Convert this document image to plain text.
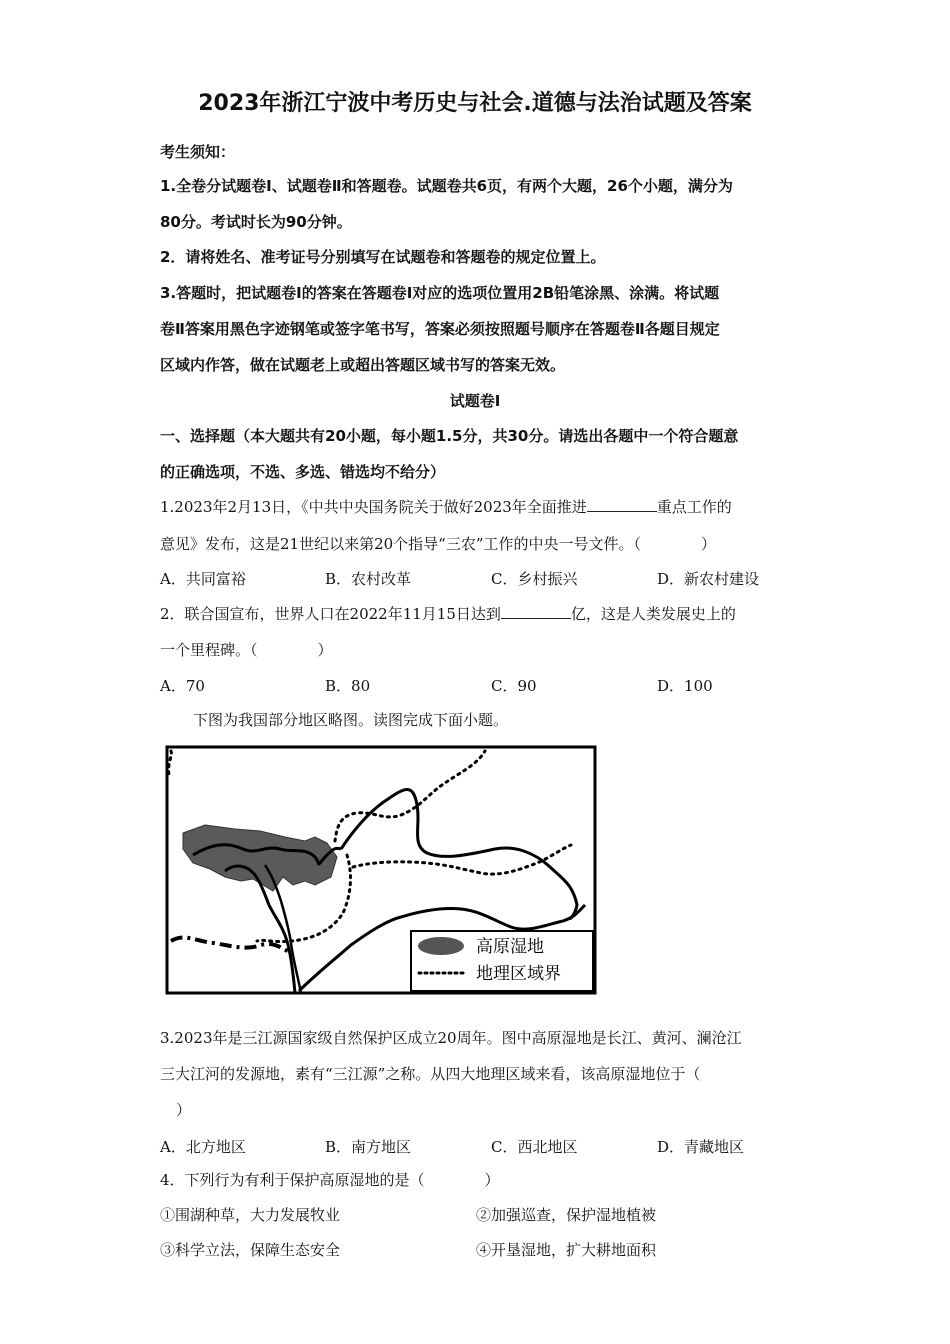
2023年浙江宁波中考历史与社会.道德与法治试题及答案
考生须知：
1.全卷分试题卷Ⅰ、试题卷Ⅱ和答题卷。试题卷共6页，有两个大题，26个小题，满分为
80分。考试时长为90分钟。
2．请将姓名、准考证号分别填写在试题卷和答题卷的规定位置上。
3.答题时，把试题卷Ⅰ的答案在答题卷Ⅰ对应的选项位置用2B铅笔涂黑、涂满。将试题
卷Ⅱ答案用黑色字迹钢笔或签字笔书写，答案必须按照题号顺序在答题卷Ⅱ各题目规定
区域内作答，做在试题老上或超出答题区域书写的答案无效。
试题卷Ⅰ
一、选择题（本大题共有20小题，每小题1.5分，共30分。请选出各题中一个符合题意
的正确选项，不选、多选、错选均不给分）
1.2023年2月13日，《中共中央国务院关于做好2023年全面推进	重点工作的
意见》发布，这是21世纪以来第20个指导“三农”工作的中央一号文件。（　　　　）
A．共同富裕	B．农村改革	C．乡村振兴	D．新农村建设
2．联合国宣布，世界人口在2022年11月15日达到	亿，这是人类发展史上的
一个里程碑。（　　　　）
A．70	B．80	C．90	D．100
下图为我国部分地区略图。读图完成下面小题。
高原湿地
地理区域界
3.2023年是三江源国家级自然保护区成立20周年。图中高原湿地是长江、黄河、澜沧江
三大江河的发源地，素有“三江源”之称。从四大地理区域来看，该高原湿地位于（
）
A．北方地区	B．南方地区	C．西北地区	D．青藏地区
4．下列行为有利于保护高原湿地的是（　　　　）
①围湖种草，大力发展牧业	②加强巡查，保护湿地植被
③科学立法，保障生态安全	④开垦湿地，扩大耕地面积
